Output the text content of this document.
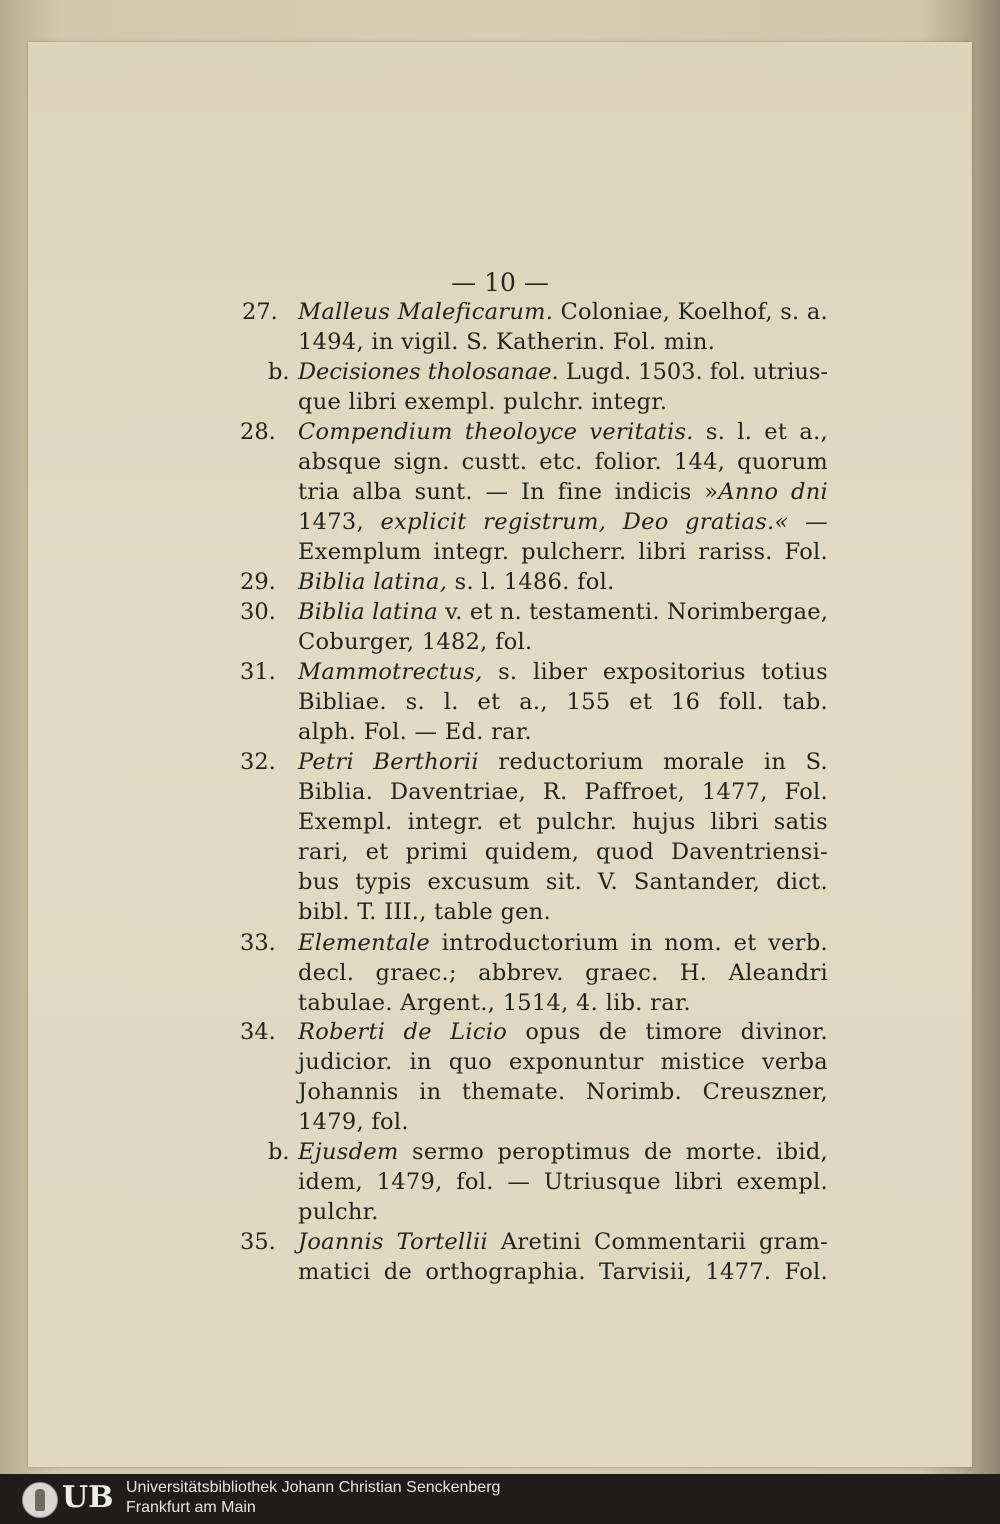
— 10 —
27. Malleus Maleficarum. Coloniae, Koelhof, s. a.
1494, in vigil. S. Katherin. Fol. min.
b. Decisiones tholosanae. Lugd. 1503. fol. utrius-
que libri exempl. pulchr. integr.
28. Compendium theoloyce veritatis. s. l. et a.,
absque sign. custt. etc. folior. 144, quorum
tria alba sunt. — In fine indicis »Anno dni
1473, explicit registrum, Deo gratias.« —
Exemplum integr. pulcherr. libri rariss. Fol.
29. Biblia latina, s. l. 1486. fol.
30. Biblia latina v. et n. testamenti. Norimbergae,
Coburger, 1482, fol.
31. Mammotrectus, s. liber expositorius totius
Bibliae. s. l. et a., 155 et 16 foll. tab.
alph. Fol. — Ed. rar.
32. Petri Berthorii reductorium morale in S.
Biblia. Daventriae, R. Paffroet, 1477, Fol.
Exempl. integr. et pulchr. hujus libri satis
rari, et primi quidem, quod Daventriensi-
bus typis excusum sit. V. Santander, dict.
bibl. T. III., table gen.
33. Elementale introductorium in nom. et verb.
decl. graec.; abbrev. graec. H. Aleandri
tabulae. Argent., 1514, 4. lib. rar.
34. Roberti de Licio opus de timore divinor.
judicior. in quo exponuntur mistice verba
Johannis in themate. Norimb. Creuszner,
1479, fol.
b. Ejusdem sermo peroptimus de morte. ibid,
idem, 1479, fol. — Utriusque libri exempl.
pulchr.
35. Joannis Tortellii Aretini Commentarii gram-
matici de orthographia. Tarvisii, 1477. Fol.
UB Universitätsbibliothek Johann Christian Senckenberg
Frankfurt am Main
